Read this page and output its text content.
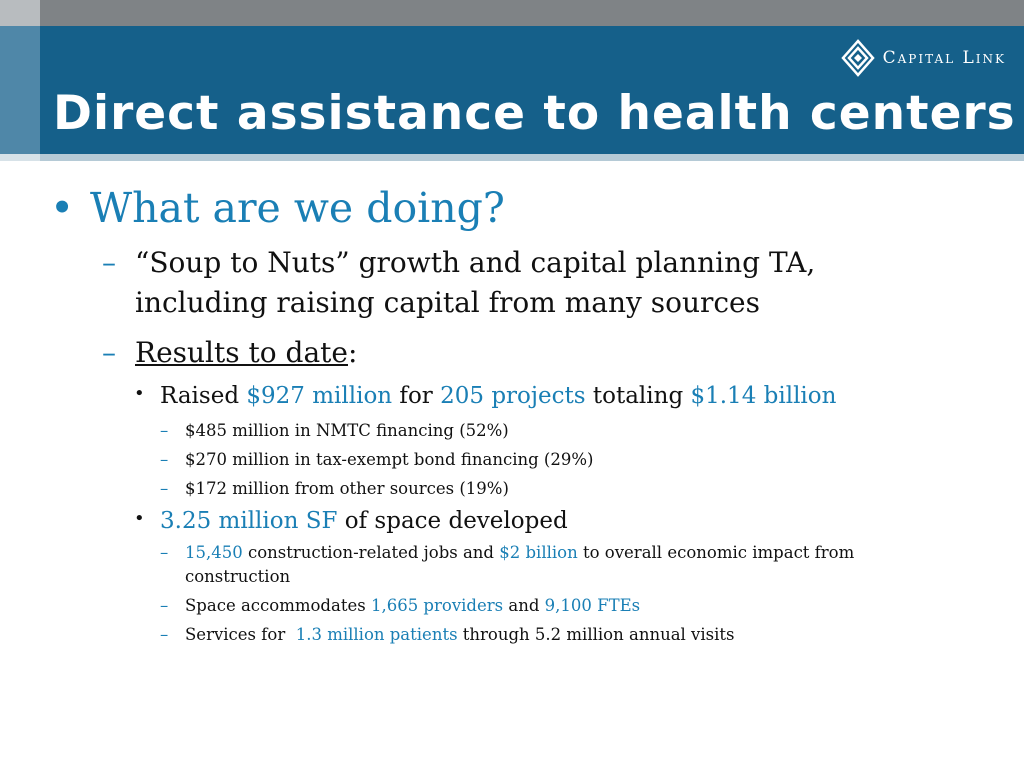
Capital Link
Direct assistance to health centers
• What are we doing?
– “Soup to Nuts” growth and capital planning TA,
including raising capital from many sources
– Results to date:
• Raised $927 million for 205 projects totaling $1.14 billion
– $485 million in NMTC financing (52%)
– $270 million in tax-exempt bond financing (29%)
– $172 million from other sources (19%)
• 3.25 million SF of space developed
– 15,450 construction-related jobs and $2 billion to overall economic impact from
construction
– Space accommodates 1,665 providers and 9,100 FTEs
– Services for  1.3 million patients through 5.2 million annual visits
